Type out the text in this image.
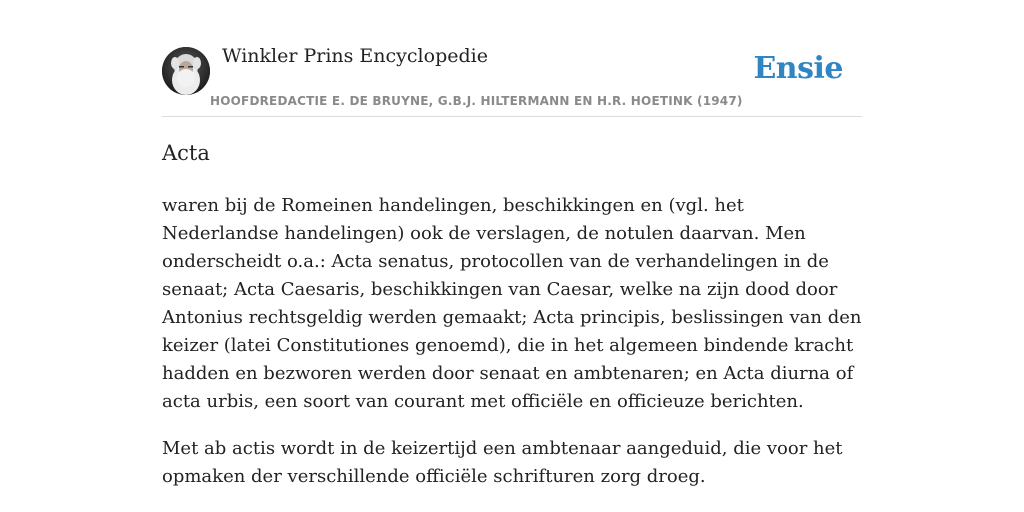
Winkler Prins Encyclopedie
HOOFDREDACTIE E. DE BRUYNE, G.B.J. HILTERMANN EN H.R. HOETINK (1947)
Ensie
Acta

waren bij de Romeinen handelingen, beschikkingen en (vgl. het Nederlandse handelingen) ook de verslagen, de notulen daarvan. Men onderscheidt o.a.: Acta senatus, protocollen van de verhandelingen in de senaat; Acta Caesaris, beschikkingen van Caesar, welke na zijn dood door Antonius rechtsgeldig werden gemaakt; Acta principis, beslissingen van den keizer (latei Constitutiones genoemd), die in het algemeen bindende kracht hadden en bezworen werden door senaat en ambtenaren; en Acta diurna of acta urbis, een soort van courant met officiële en officieuze berichten.

Met ab actis wordt in de keizertijd een ambtenaar aangeduid, die voor het opmaken der verschillende officiële schrifturen zorg droeg.
